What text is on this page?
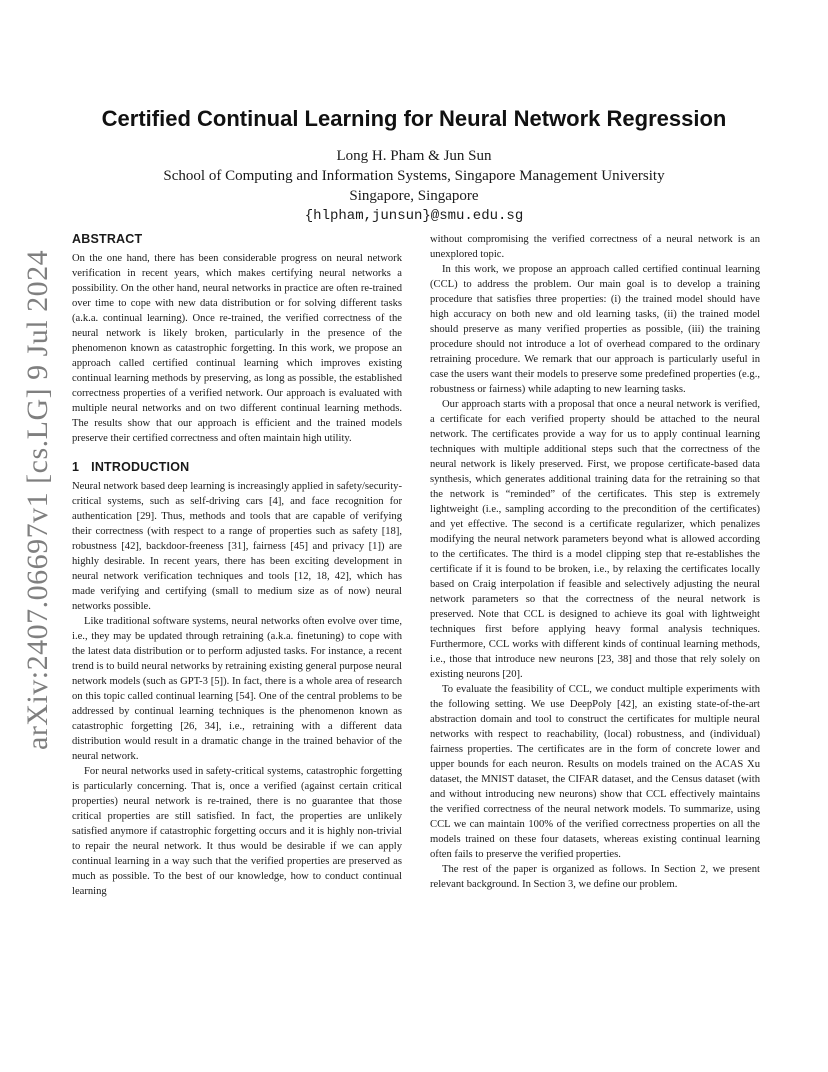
arXiv:2407.06697v1 [cs.LG] 9 Jul 2024
Certified Continual Learning for Neural Network Regression
Long H. Pham & Jun Sun
School of Computing and Information Systems, Singapore Management University
Singapore, Singapore
{hlpham,junsun}@smu.edu.sg
ABSTRACT

On the one hand, there has been considerable progress on neural network verification in recent years, which makes certifying neural networks a possibility. On the other hand, neural networks in practice are often re-trained over time to cope with new data distribution or for solving different tasks (a.k.a. continual learning). Once re-trained, the verified correctness of the neural network is likely broken, particularly in the presence of the phenomenon known as catastrophic forgetting. In this work, we propose an approach called certified continual learning which improves existing continual learning methods by preserving, as long as possible, the established correctness properties of a verified network. Our approach is evaluated with multiple neural networks and on two different continual learning methods. The results show that our approach is efficient and the trained models preserve their certified correctness and often maintain high utility.

1 INTRODUCTION

Neural network based deep learning is increasingly applied in safety/security-critical systems, such as self-driving cars [4], and face recognition for authentication [29]. Thus, methods and tools that are capable of verifying their correctness (with respect to a range of properties such as safety [18], robustness [42], backdoor-freeness [31], fairness [45] and privacy [1]) are highly desirable. In recent years, there has been exciting development in neural network verification techniques and tools [12, 18, 42], which has made verifying and certifying (small to medium size as of now) neural networks possible.

Like traditional software systems, neural networks often evolve over time, i.e., they may be updated through retraining (a.k.a. finetuning) to cope with the latest data distribution or to perform adjusted tasks. For instance, a recent trend is to build neural networks by retraining existing general purpose neural network models (such as GPT-3 [5]). In fact, there is a whole area of research on this topic called continual learning [54]. One of the central problems to be addressed by continual learning techniques is the phenomenon known as catastrophic forgetting [26, 34], i.e., retraining with a different data distribution would result in a dramatic change in the trained behavior of the neural network.

For neural networks used in safety-critical systems, catastrophic forgetting is particularly concerning. That is, once a verified (against certain critical properties) neural network is re-trained, there is no guarantee that those critical properties are still satisfied. In fact, the properties are unlikely satisfied anymore if catastrophic forgetting occurs and it is highly non-trivial to repair the neural network. It thus would be desirable if we can apply continual learning in a way such that the verified properties are preserved as much as possible. To the best of our knowledge, how to conduct continual learning

without compromising the verified correctness of a neural network is an unexplored topic.

In this work, we propose an approach called certified continual learning (CCL) to address the problem. Our main goal is to develop a training procedure that satisfies three properties: (i) the trained model should have high accuracy on both new and old learning tasks, (ii) the trained model should preserve as many verified properties as possible, (iii) the training procedure should not introduce a lot of overhead compared to the ordinary retraining procedure. We remark that our approach is particularly useful in case the users want their models to preserve some predefined properties (e.g., robustness or fairness) while adapting to new learning tasks.

Our approach starts with a proposal that once a neural network is verified, a certificate for each verified property should be attached to the neural network. The certificates provide a way for us to apply continual learning techniques with multiple additional steps such that the correctness of the neural network is likely preserved. First, we propose certificate-based data synthesis, which generates additional training data for the retraining so that the network is “reminded” of the certificates. This step is extremely lightweight (i.e., sampling according to the precondition of the certificates) and yet effective. The second is a certificate regularizer, which penalizes modifying the neural network parameters beyond what is allowed according to the certificates. The third is a model clipping step that re-establishes the certificate if it is found to be broken, i.e., by relaxing the certificates locally based on Craig interpolation if feasible and selectively adjusting the neural network parameters so that the correctness of the neural network is preserved. Note that CCL is designed to achieve its goal with lightweight techniques first before applying heavy formal analysis techniques. Furthermore, CCL works with different kinds of continual learning methods, i.e., those that introduce new neurons [23, 38] and those that rely solely on existing neurons [20].

To evaluate the feasibility of CCL, we conduct multiple experiments with the following setting. We use DeepPoly [42], an existing state-of-the-art abstraction domain and tool to construct the certificates for multiple neural networks with respect to reachability, (local) robustness, and (individual) fairness properties. The certificates are in the form of concrete lower and upper bounds for each neuron. Results on models trained on the ACAS Xu dataset, the MNIST dataset, the CIFAR dataset, and the Census dataset (with and without introducing new neurons) show that CCL effectively maintains the verified correctness of the neural network models. To summarize, using CCL we can maintain 100% of the verified correctness properties on all the models trained on these four datasets, whereas existing continual learning often fails to preserve the verified properties.

The rest of the paper is organized as follows. In Section 2, we present relevant background. In Section 3, we define our problem.
